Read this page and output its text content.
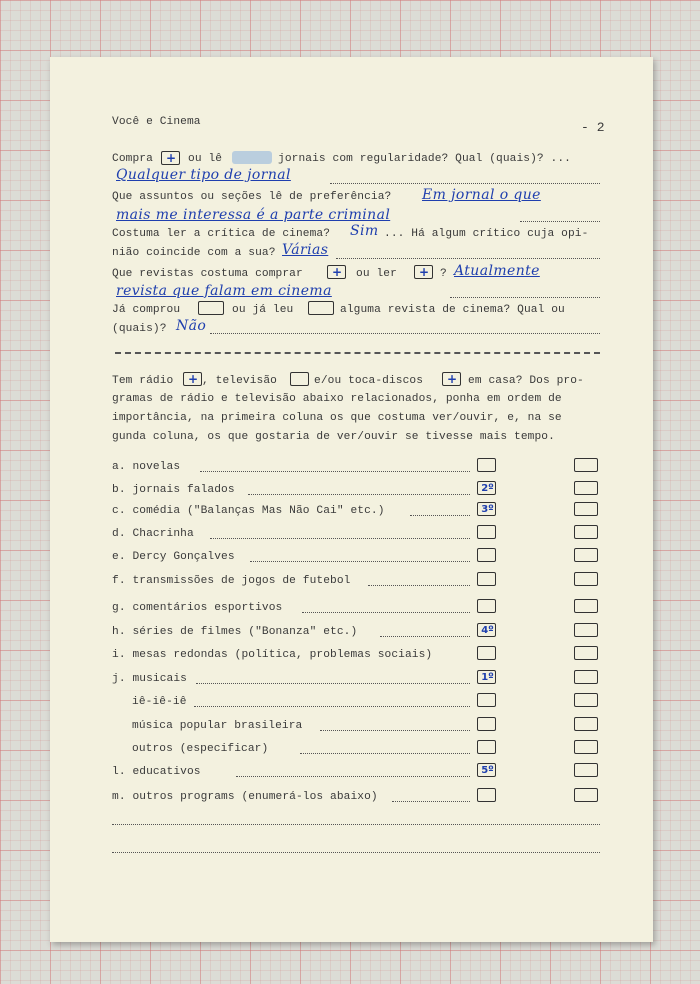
Você e Cinema	- 2
Compra + ou lê	jornais com regularidade? Qual (quais)? ...
Qualquer tipo de jornal
Que assuntos ou seções lê de preferência? Em jornal o que
mais me interessa é a parte criminal
Costuma ler a crítica de cinema? Sim ... Há algum crítico cuja opi-
nião coincide com a sua? Várias
Que revistas costuma comprar + ou ler + ? Atualmente
revista que falam em cinema
Já comprou	ou já leu	alguma revista de cinema? Qual ou
(quais)? Não
Tem rádio + , televisão	e/ou toca-discos + em casa? Dos pro-
gramas de rádio e televisão abaixo relacionados, ponha em ordem de
importância, na primeira coluna os que costuma ver/ouvir, e, na se
gunda coluna, os que gostaria de ver/ouvir se tivesse mais tempo.
a. novelas
b. jornais falados	2º
c. comédia ("Balanças Mas Não Cai" etc.)	3º
d. Chacrinha
e. Dercy Gonçalves
f. transmissões de jogos de futebol
g. comentários esportivos
h. séries de filmes ("Bonanza" etc.)	4º
i. mesas redondas (política, problemas sociais)
j. musicais	1º
iê-iê-iê
música popular brasileira
outros (especificar)
l. educativos	5º
m. outros programs (enumerá-los abaixo)
